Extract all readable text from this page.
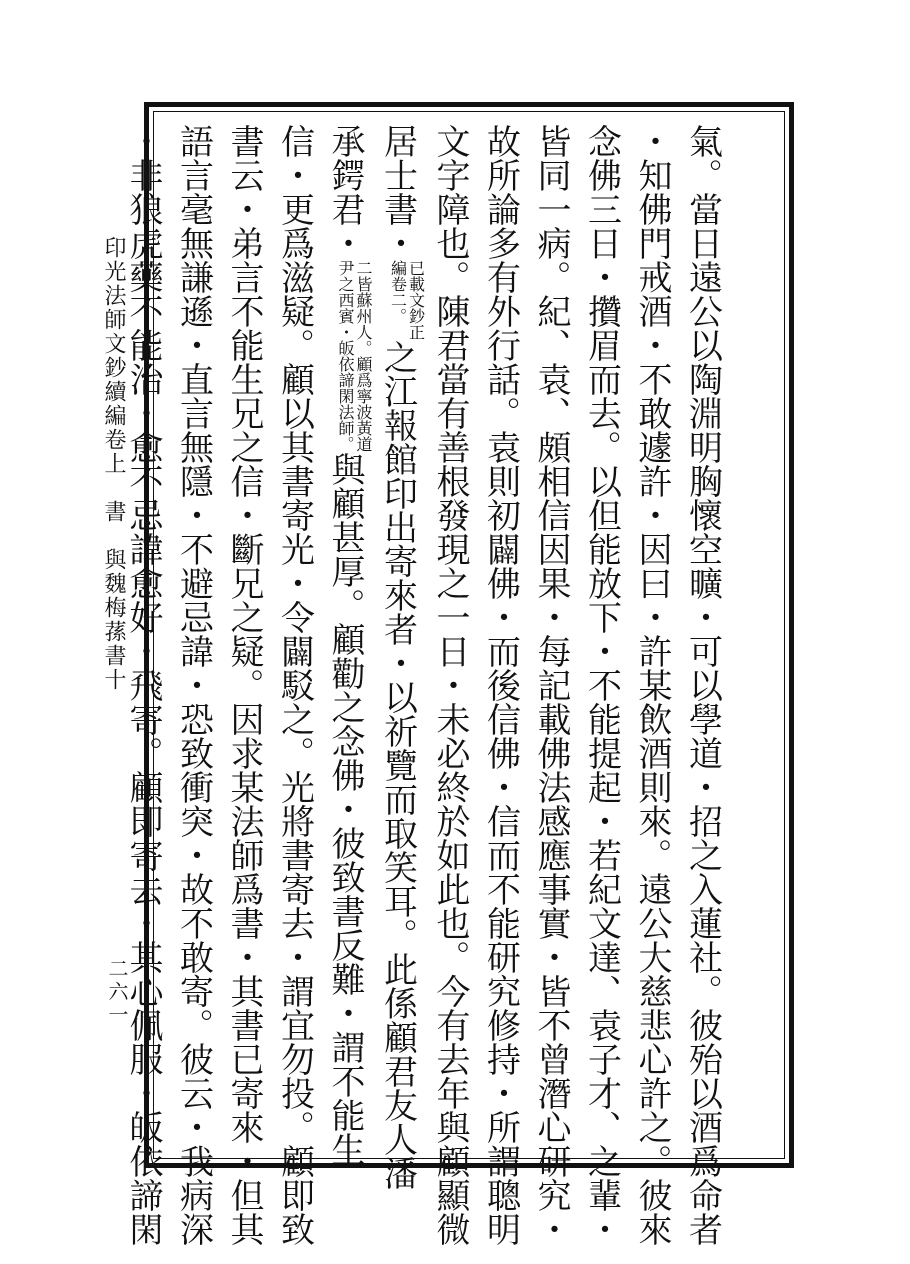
印光法師文鈔續編卷上　書　與魏梅蓀書十
二六一	氣。當日遠公以陶淵明胸懷空曠・可以學道・招之入蓮社。彼殆以酒爲命者
・知佛門戒酒・不敢遽許・因曰・許某飲酒則來。遠公大慈悲心許之。彼來
念佛三日・攢眉而去。以但能放下・不能提起・若紀文達、袁子才、之輩・
皆同一病。紀、袁、頗相信因果・每記載佛法感應事實・皆不曾潛心研究・
故所論多有外行話。袁則初闢佛・而後信佛・信而不能研究修持・所謂聰明
文字障也。陳君當有善根發現之一日・未必終於如此也。今有去年與顧顯微
居士書・已載文鈔正
編卷二。之江報館印出寄來者・以祈覽而取笑耳。此係顧君友人潘
承鍔君・二皆蘇州人。顧爲寧波黃道
尹之西賓・皈依諦閑法師。與顧甚厚。顧勸之念佛・彼致書反難・謂不能生
信・更爲滋疑。顧以其書寄光・令闢駁之。光將書寄去・謂宜勿投。顧即致
書云・弟言不能生兄之信・斷兄之疑。因求某法師爲書・其書已寄來・但其
語言毫無謙遜・直言無隱・不避忌諱・恐致衝突・故不敢寄。彼云・我病深
・非狼虎藥不能治・愈不忌諱愈好・飛寄。顧即寄去・其心佩服・皈依諦閑
